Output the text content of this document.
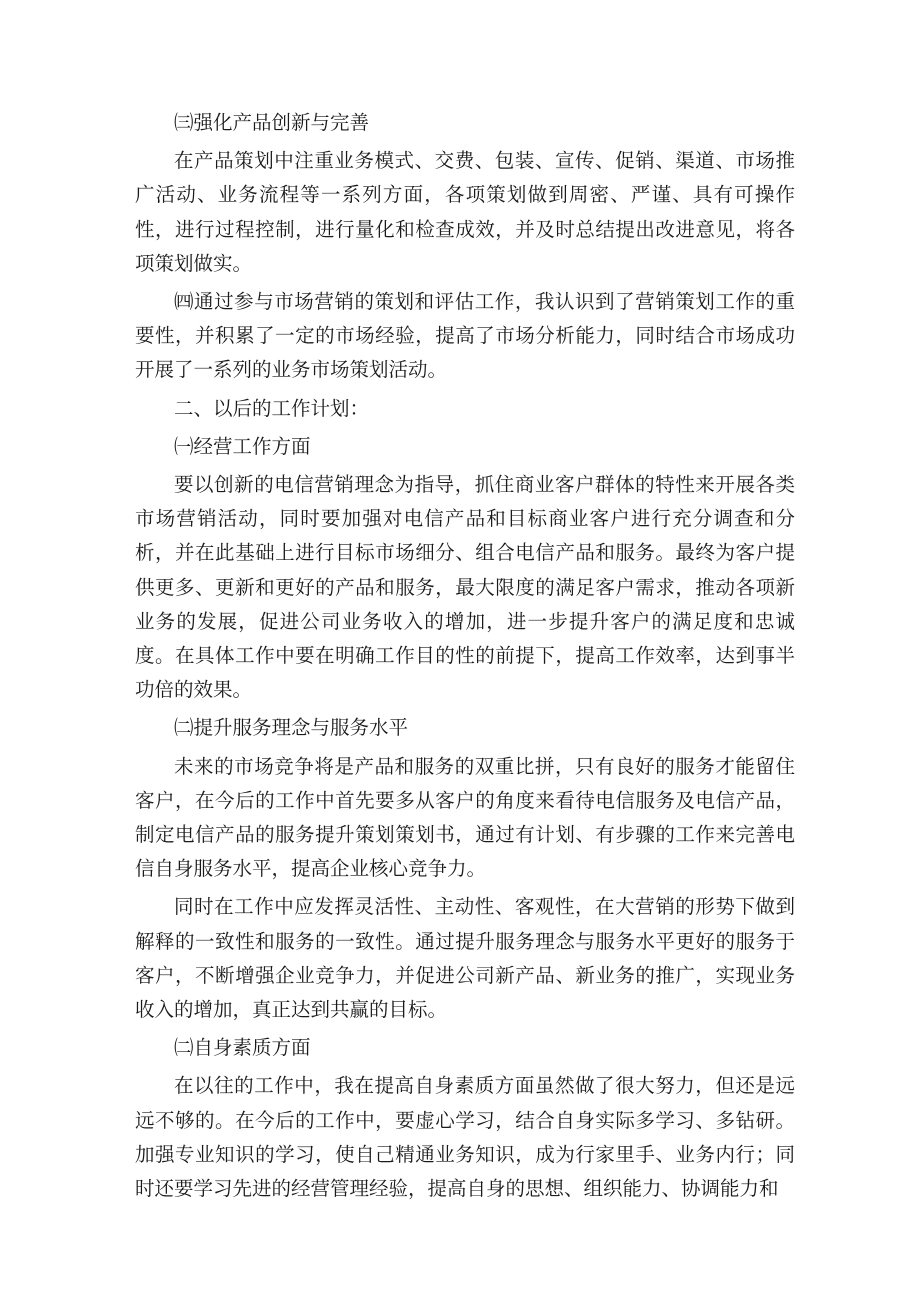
㈢强化产品创新与完善

在产品策划中注重业务模式、交费、包装、宣传、促销、渠道、市场推广活动、业务流程等一系列方面，各项策划做到周密、严谨、具有可操作性，进行过程控制，进行量化和检查成效，并及时总结提出改进意见，将各项策划做实。

㈣通过参与市场营销的策划和评估工作，我认识到了营销策划工作的重要性，并积累了一定的市场经验，提高了市场分析能力，同时结合市场成功开展了一系列的业务市场策划活动。

二、以后的工作计划：

㈠经营工作方面

要以创新的电信营销理念为指导，抓住商业客户群体的特性来开展各类市场营销活动，同时要加强对电信产品和目标商业客户进行充分调查和分析，并在此基础上进行目标市场细分、组合电信产品和服务。最终为客户提供更多、更新和更好的产品和服务，最大限度的满足客户需求，推动各项新业务的发展，促进公司业务收入的增加，进一步提升客户的满足度和忠诚度。在具体工作中要在明确工作目的性的前提下，提高工作效率，达到事半功倍的效果。

㈡提升服务理念与服务水平

未来的市场竞争将是产品和服务的双重比拼，只有良好的服务才能留住客户，在今后的工作中首先要多从客户的角度来看待电信服务及电信产品，制定电信产品的服务提升策划策划书，通过有计划、有步骤的工作来完善电信自身服务水平，提高企业核心竞争力。

同时在工作中应发挥灵活性、主动性、客观性，在大营销的形势下做到解释的一致性和服务的一致性。通过提升服务理念与服务水平更好的服务于客户，不断增强企业竞争力，并促进公司新产品、新业务的推广，实现业务收入的增加，真正达到共赢的目标。

㈡自身素质方面

在以往的工作中，我在提高自身素质方面虽然做了很大努力，但还是远远不够的。在今后的工作中，要虚心学习，结合自身实际多学习、多钻研。加强专业知识的学习，使自己精通业务知识，成为行家里手、业务内行；同时还要学习先进的经营管理经验，提高自身的思想、组织能力、协调能力和
